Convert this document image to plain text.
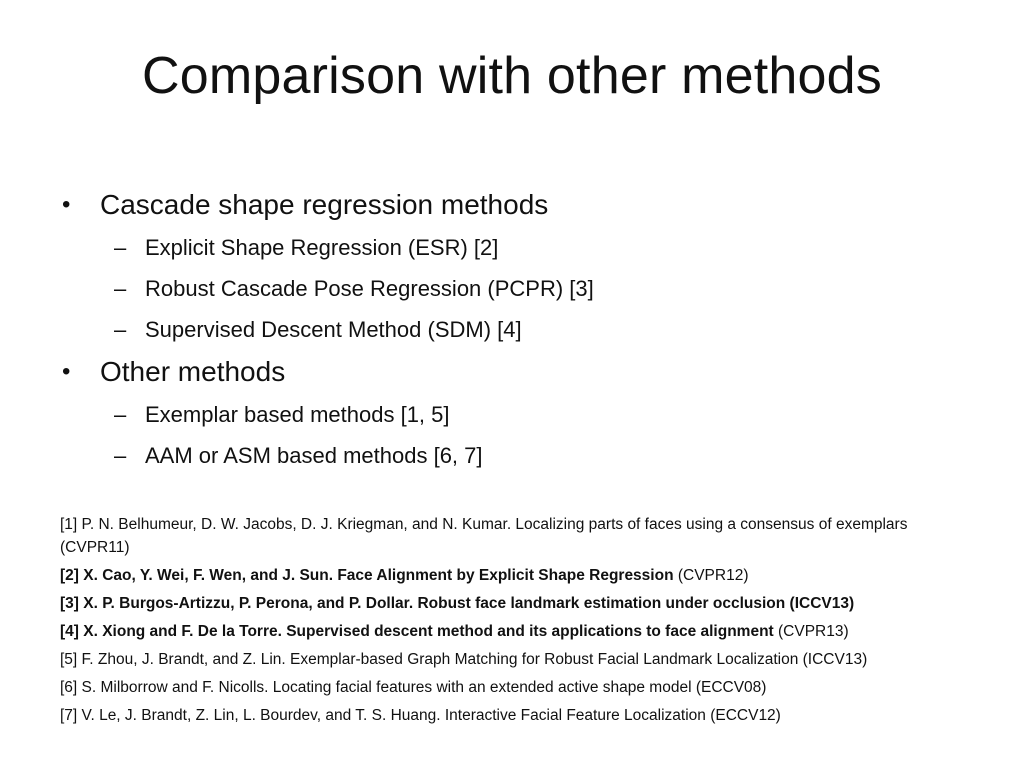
Comparison with other methods
• Cascade shape regression methods
– Explicit Shape Regression (ESR) [2]
– Robust Cascade Pose Regression (PCPR) [3]
– Supervised Descent Method (SDM) [4]
• Other methods
– Exemplar based methods [1, 5]
– AAM or ASM based methods [6, 7]

[1] P. N. Belhumeur, D. W. Jacobs, D. J. Kriegman, and N. Kumar. Localizing parts of faces using a consensus of exemplars (CVPR11)

[2] X. Cao, Y. Wei, F. Wen, and J. Sun. Face Alignment by Explicit Shape Regression (CVPR12)

[3] X. P. Burgos-Artizzu, P. Perona, and P. Dollar. Robust face landmark estimation under occlusion (ICCV13)

[4] X. Xiong and F. De la Torre. Supervised descent method and its applications to face alignment (CVPR13)

[5] F. Zhou, J. Brandt, and Z. Lin. Exemplar-based Graph Matching for Robust Facial Landmark Localization (ICCV13)

[6] S. Milborrow and F. Nicolls. Locating facial features with an extended active shape model (ECCV08)

[7] V. Le, J. Brandt, Z. Lin, L. Bourdev, and T. S. Huang. Interactive Facial Feature Localization (ECCV12)
